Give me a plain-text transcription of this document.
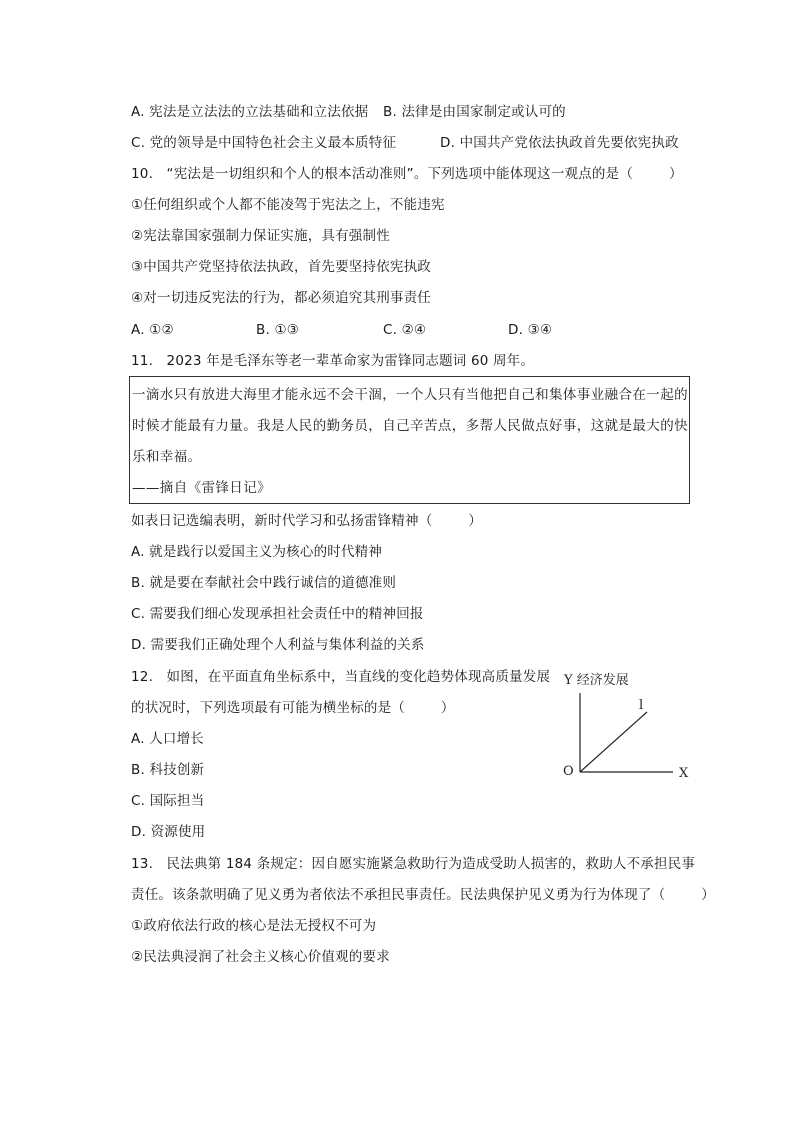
A. 宪法是立法法的立法基础和立法依据 B. 法律是由国家制定或认可的
C. 党的领导是中国特色社会主义最本质特征	D. 中国共产党依法执政首先要依宪执政
10.   “宪法是一切组织和个人的根本活动准则”。下列选项中能体现这一观点的是（        ）
①任何组织或个人都不能凌驾于宪法之上，不能违宪
②宪法靠国家强制力保证实施，具有强制性
③中国共产党坚持依法执政，首先要坚持依宪执政
④对一切违反宪法的行为，都必须追究其刑事责任
A. ①②	B. ①③	C. ②④	D. ③④
11.   2023 年是毛泽东等老一辈革命家为雷锋同志题词 60 周年。
一滴水只有放进大海里才能永远不会干涸，一个人只有当他把自己和集体事业融合在一起的
时候才能最有力量。我是人民的勤务员，自己辛苦点，多帮人民做点好事，这就是最大的快
乐和幸福。
——摘自《雷锋日记》
如表日记选编表明，新时代学习和弘扬雷锋精神（        ）
A. 就是践行以爱国主义为核心的时代精神
B. 就是要在奉献社会中践行诚信的道德准则
C. 需要我们细心发现承担社会责任中的精神回报
D. 需要我们正确处理个人利益与集体利益的关系
12.   如图，在平面直角坐标系中，当直线的变化趋势体现高质量发展
的状况时，下列选项最有可能为横坐标的是（        ）
A. 人口增长
B. 科技创新
C. 国际担当
D. 资源使用
Y 经济发展
X
O
l
13.   民法典第 184 条规定：因自愿实施紧急救助行为造成受助人损害的，救助人不承担民事
责任。该条款明确了见义勇为者依法不承担民事责任。民法典保护见义勇为行为体现了（        ）
①政府依法行政的核心是法无授权不可为
②民法典浸润了社会主义核心价值观的要求
